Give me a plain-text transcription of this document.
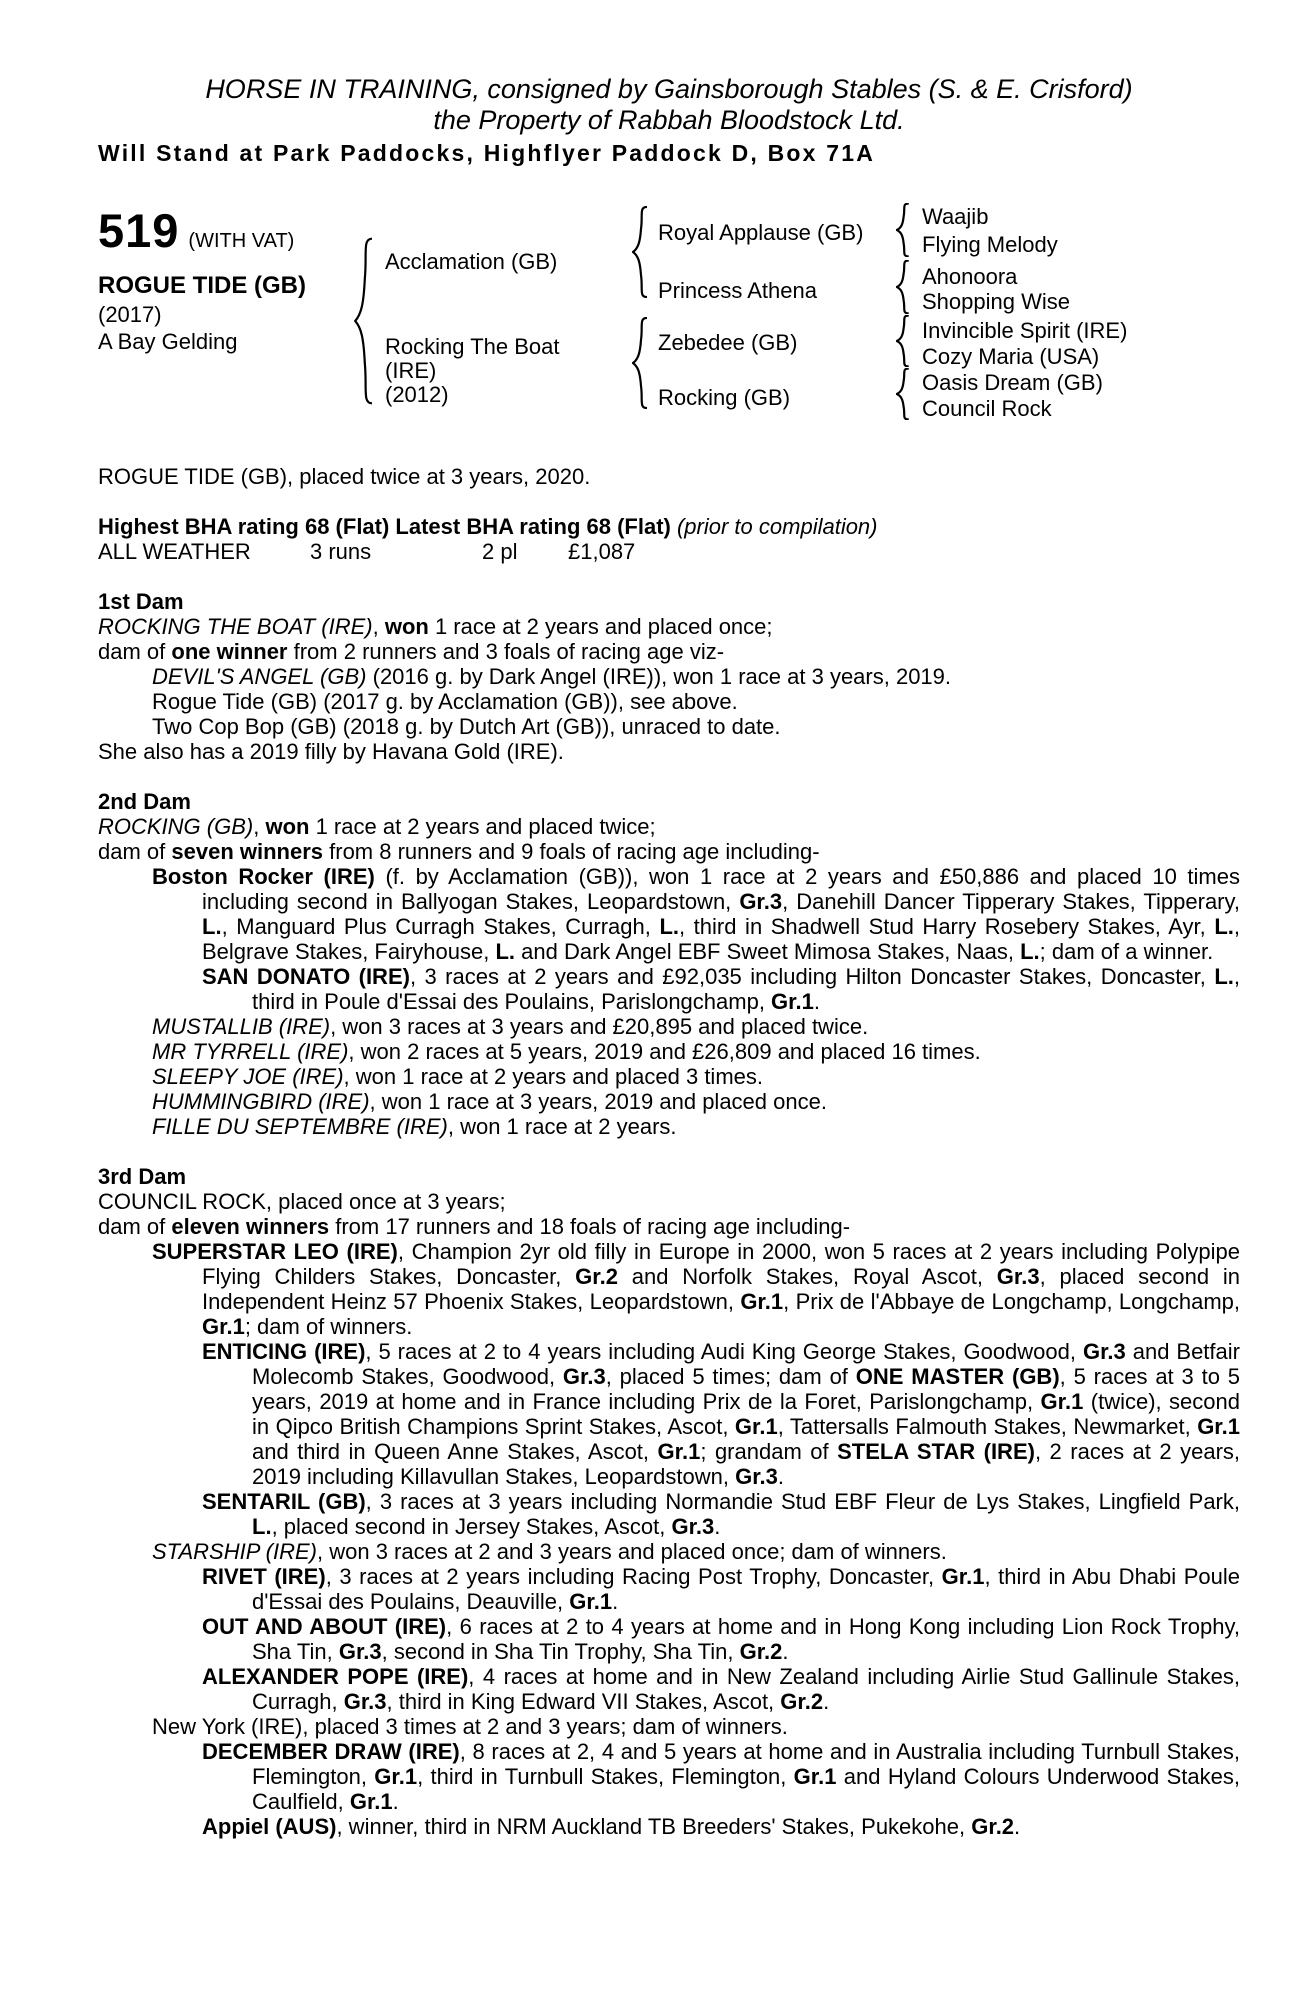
HORSE IN TRAINING, consigned by Gainsborough Stables (S. & E. Crisford)
the Property of Rabbah Bloodstock Ltd.
Will Stand at Park Paddocks, Highflyer Paddock D, Box 71A
519 (WITH VAT)
ROGUE TIDE (GB)
(2017)
A Bay Gelding
Acclamation (GB)
Rocking The Boat
(IRE)
(2012)
Royal Applause (GB)
Princess Athena
Zebedee (GB)
Rocking (GB)
Waajib
Flying Melody
Ahonoora
Shopping Wise
Invincible Spirit (IRE)
Cozy Maria (USA)
Oasis Dream (GB)
Council Rock

ROGUE TIDE (GB), placed twice at 3 years, 2020.

Highest BHA rating 68 (Flat) Latest BHA rating 68 (Flat) (prior to compilation)

ALL WEATHER	3 runs	2 pl	£1,087

1st Dam

ROCKING THE BOAT (IRE), won 1 race at 2 years and placed once;

dam of one winner from 2 runners and 3 foals of racing age viz-

DEVIL'S ANGEL (GB) (2016 g. by Dark Angel (IRE)), won 1 race at 3 years, 2019.

Rogue Tide (GB) (2017 g. by Acclamation (GB)), see above.

Two Cop Bop (GB) (2018 g. by Dutch Art (GB)), unraced to date.

She also has a 2019 filly by Havana Gold (IRE).

2nd Dam

ROCKING (GB), won 1 race at 2 years and placed twice;

dam of seven winners from 8 runners and 9 foals of racing age including-

Boston Rocker (IRE) (f. by Acclamation (GB)), won 1 race at 2 years and £50,886 and placed 10 times including second in Ballyogan Stakes, Leopardstown, Gr.3, Danehill Dancer Tipperary Stakes, Tipperary, L., Manguard Plus Curragh Stakes, Curragh, L., third in Shadwell Stud Harry Rosebery Stakes, Ayr, L., Belgrave Stakes, Fairyhouse, L. and Dark Angel EBF Sweet Mimosa Stakes, Naas, L.; dam of a winner.

SAN DONATO (IRE), 3 races at 2 years and £92,035 including Hilton Doncaster Stakes, Doncaster, L., third in Poule d'Essai des Poulains, Parislongchamp, Gr.1.

MUSTALLIB (IRE), won 3 races at 3 years and £20,895 and placed twice.

MR TYRRELL (IRE), won 2 races at 5 years, 2019 and £26,809 and placed 16 times.

SLEEPY JOE (IRE), won 1 race at 2 years and placed 3 times.

HUMMINGBIRD (IRE), won 1 race at 3 years, 2019 and placed once.

FILLE DU SEPTEMBRE (IRE), won 1 race at 2 years.

3rd Dam

COUNCIL ROCK, placed once at 3 years;

dam of eleven winners from 17 runners and 18 foals of racing age including-

SUPERSTAR LEO (IRE), Champion 2yr old filly in Europe in 2000, won 5 races at 2 years including Polypipe Flying Childers Stakes, Doncaster, Gr.2 and Norfolk Stakes, Royal Ascot, Gr.3, placed second in Independent Heinz 57 Phoenix Stakes, Leopardstown, Gr.1, Prix de l'Abbaye de Longchamp, Longchamp, Gr.1; dam of winners.

ENTICING (IRE), 5 races at 2 to 4 years including Audi King George Stakes, Goodwood, Gr.3 and Betfair Molecomb Stakes, Goodwood, Gr.3, placed 5 times; dam of ONE MASTER (GB), 5 races at 3 to 5 years, 2019 at home and in France including Prix de la Foret, Parislongchamp, Gr.1 (twice), second in Qipco British Champions Sprint Stakes, Ascot, Gr.1, Tattersalls Falmouth Stakes, Newmarket, Gr.1 and third in Queen Anne Stakes, Ascot, Gr.1; grandam of STELA STAR (IRE), 2 races at 2 years, 2019 including Killavullan Stakes, Leopardstown, Gr.3.

SENTARIL (GB), 3 races at 3 years including Normandie Stud EBF Fleur de Lys Stakes, Lingfield Park, L., placed second in Jersey Stakes, Ascot, Gr.3.

STARSHIP (IRE), won 3 races at 2 and 3 years and placed once; dam of winners.

RIVET (IRE), 3 races at 2 years including Racing Post Trophy, Doncaster, Gr.1, third in Abu Dhabi Poule d'Essai des Poulains, Deauville, Gr.1.

OUT AND ABOUT (IRE), 6 races at 2 to 4 years at home and in Hong Kong including Lion Rock Trophy, Sha Tin, Gr.3, second in Sha Tin Trophy, Sha Tin, Gr.2.

ALEXANDER POPE (IRE), 4 races at home and in New Zealand including Airlie Stud Gallinule Stakes, Curragh, Gr.3, third in King Edward VII Stakes, Ascot, Gr.2.

New York (IRE), placed 3 times at 2 and 3 years; dam of winners.

DECEMBER DRAW (IRE), 8 races at 2, 4 and 5 years at home and in Australia including Turnbull Stakes, Flemington, Gr.1, third in Turnbull Stakes, Flemington, Gr.1 and Hyland Colours Underwood Stakes, Caulfield, Gr.1.

Appiel (AUS), winner, third in NRM Auckland TB Breeders' Stakes, Pukekohe, Gr.2.
